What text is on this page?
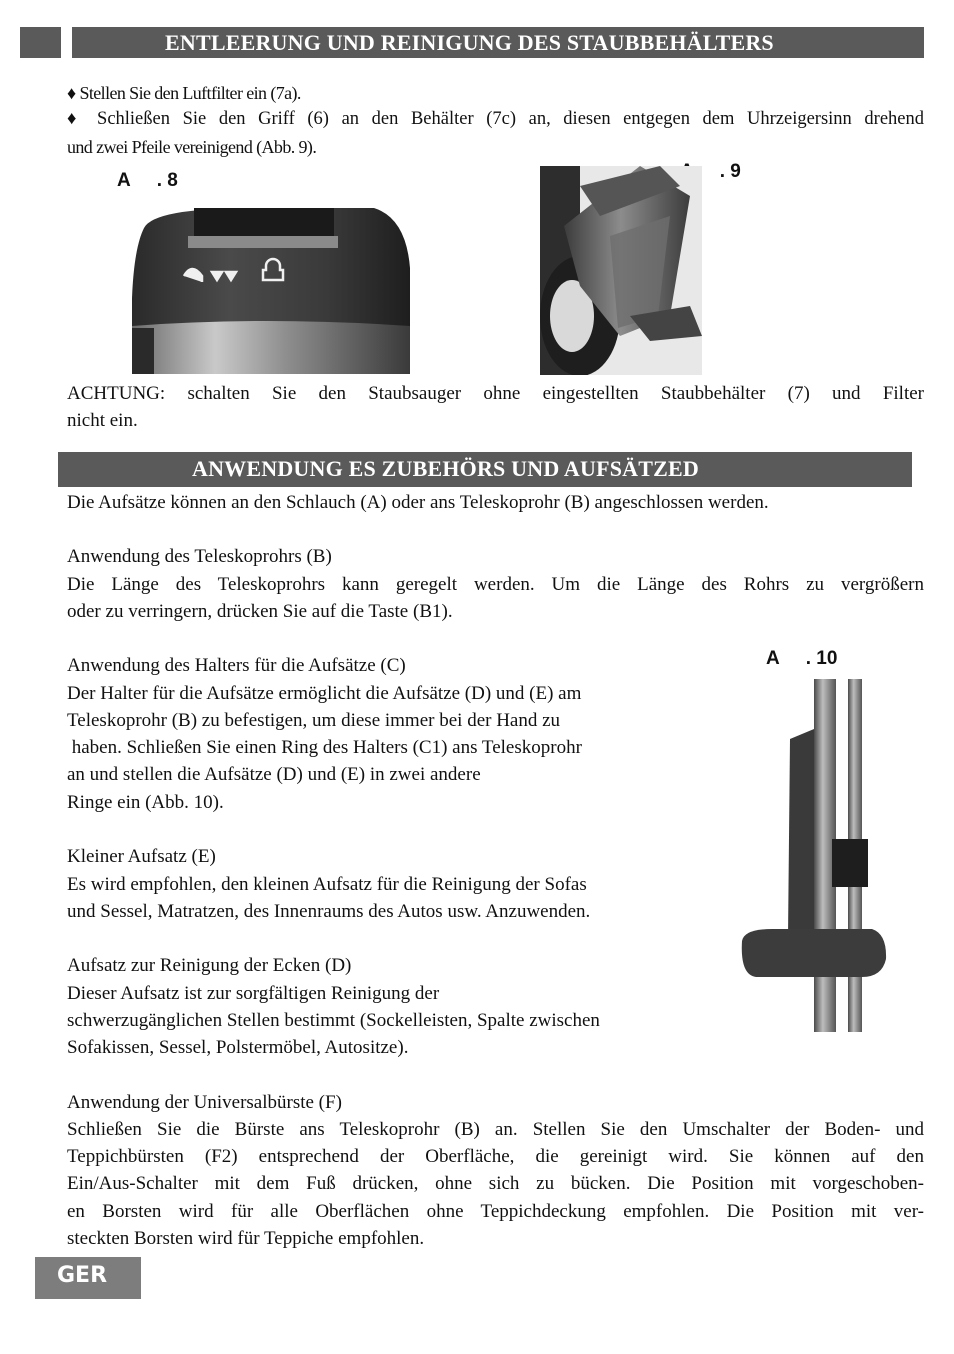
ENTLEERUNG UND REINIGUNG DES STAUBBEHÄLTERS
♦ Stellen Sie den Luftfilter ein (7a).
♦ Schließen Sie den Griff (6) an den Behälter (7c) an, diesen entgegen dem Uhrzeigersinn drehend
und zwei Pfeile vereinigend (Abb. 9).
A . 8	. 9
ACHTUNG: schalten Sie den Staubsauger ohne eingestellten Staubbehälter (7) und Filter
nicht ein.
ANWENDUNG ES ZUBEHÖRS UND AUFSÄTZED
Die Aufsätze können an den Schlauch (A) oder ans Teleskoprohr (B) angeschlossen werden.
Anwendung des Teleskoprohrs (B)
Die Länge des Teleskoprohrs kann geregelt werden. Um die Länge des Rohrs zu vergrößern
oder zu verringern, drücken Sie auf die Taste (B1).
Anwendung des Halters für die Aufsätze (C)
Der Halter für die Aufsätze ermöglicht die Aufsätze (D) und (E) am
Teleskoprohr (B) zu befestigen, um diese immer bei der Hand zu
haben. Schließen Sie einen Ring des Halters (C1) ans Teleskoprohr
an und stellen die Aufsätze (D) und (E) in zwei andere
Ringe ein (Abb. 10).
A . 10
Kleiner Aufsatz (E)
Es wird empfohlen, den kleinen Aufsatz für die Reinigung der Sofas
und Sessel, Matratzen, des Innenraums des Autos usw. Anzuwenden.
Aufsatz zur Reinigung der Ecken (D)
Dieser Aufsatz ist zur sorgfältigen Reinigung der
schwerzugänglichen Stellen bestimmt (Sockelleisten, Spalte zwischen
Sofakissen, Sessel, Polstermöbel, Autositze).
Anwendung der Universalbürste (F)
Schließen Sie die Bürste ans Teleskoprohr (B) an. Stellen Sie den Umschalter der Boden- und
Teppichbürsten (F2) entsprechend der Oberfläche, die gereinigt wird. Sie können auf den
Ein/Aus-Schalter mit dem Fuß drücken, ohne sich zu bücken. Die Position mit vorgeschoben-
en Borsten wird für alle Oberflächen ohne Teppichdeckung empfohlen. Die Position mit ver-
steckten Borsten wird für Teppiche empfohlen.
GER
